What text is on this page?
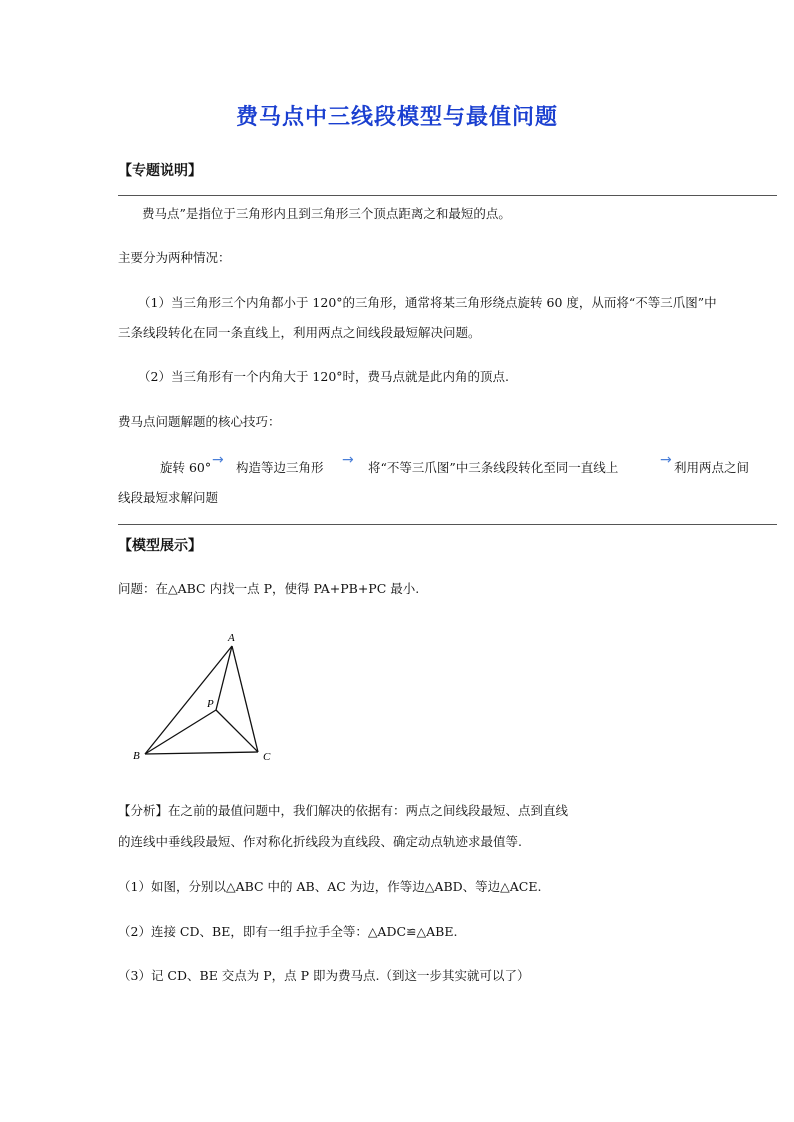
费马点中三线段模型与最值问题
【专题说明】
费马点”是指位于三角形内且到三角形三个顶点距离之和最短的点。
主要分为两种情况：
（1）当三角形三个内角都小于 120°的三角形，通常将某三角形绕点旋转 60 度，从而将“不等三爪图”中
三条线段转化在同一条直线上，利用两点之间线段最短解决问题。
（2）当三角形有一个内角大于 120°时，费马点就是此内角的顶点.
费马点问题解题的核心技巧：
旋转 60° → 构造等边三角形 → 将“不等三爪图”中三条线段转化至同一直线上	→ 利用两点之间
线段最短求解问题
【模型展示】
问题：在△ABC 内找一点 P，使得 PA+PB+PC 最小.
A
B	C
P
【分析】在之前的最值问题中，我们解决的依据有：两点之间线段最短、点到直线
的连线中垂线段最短、作对称化折线段为直线段、确定动点轨迹求最值等.
（1）如图，分别以△ABC 中的 AB、AC 为边，作等边△ABD、等边△ACE.
（2）连接 CD、BE，即有一组手拉手全等：△ADC≌△ABE.
（3）记 CD、BE 交点为 P，点 P 即为费马点.（到这一步其实就可以了）
